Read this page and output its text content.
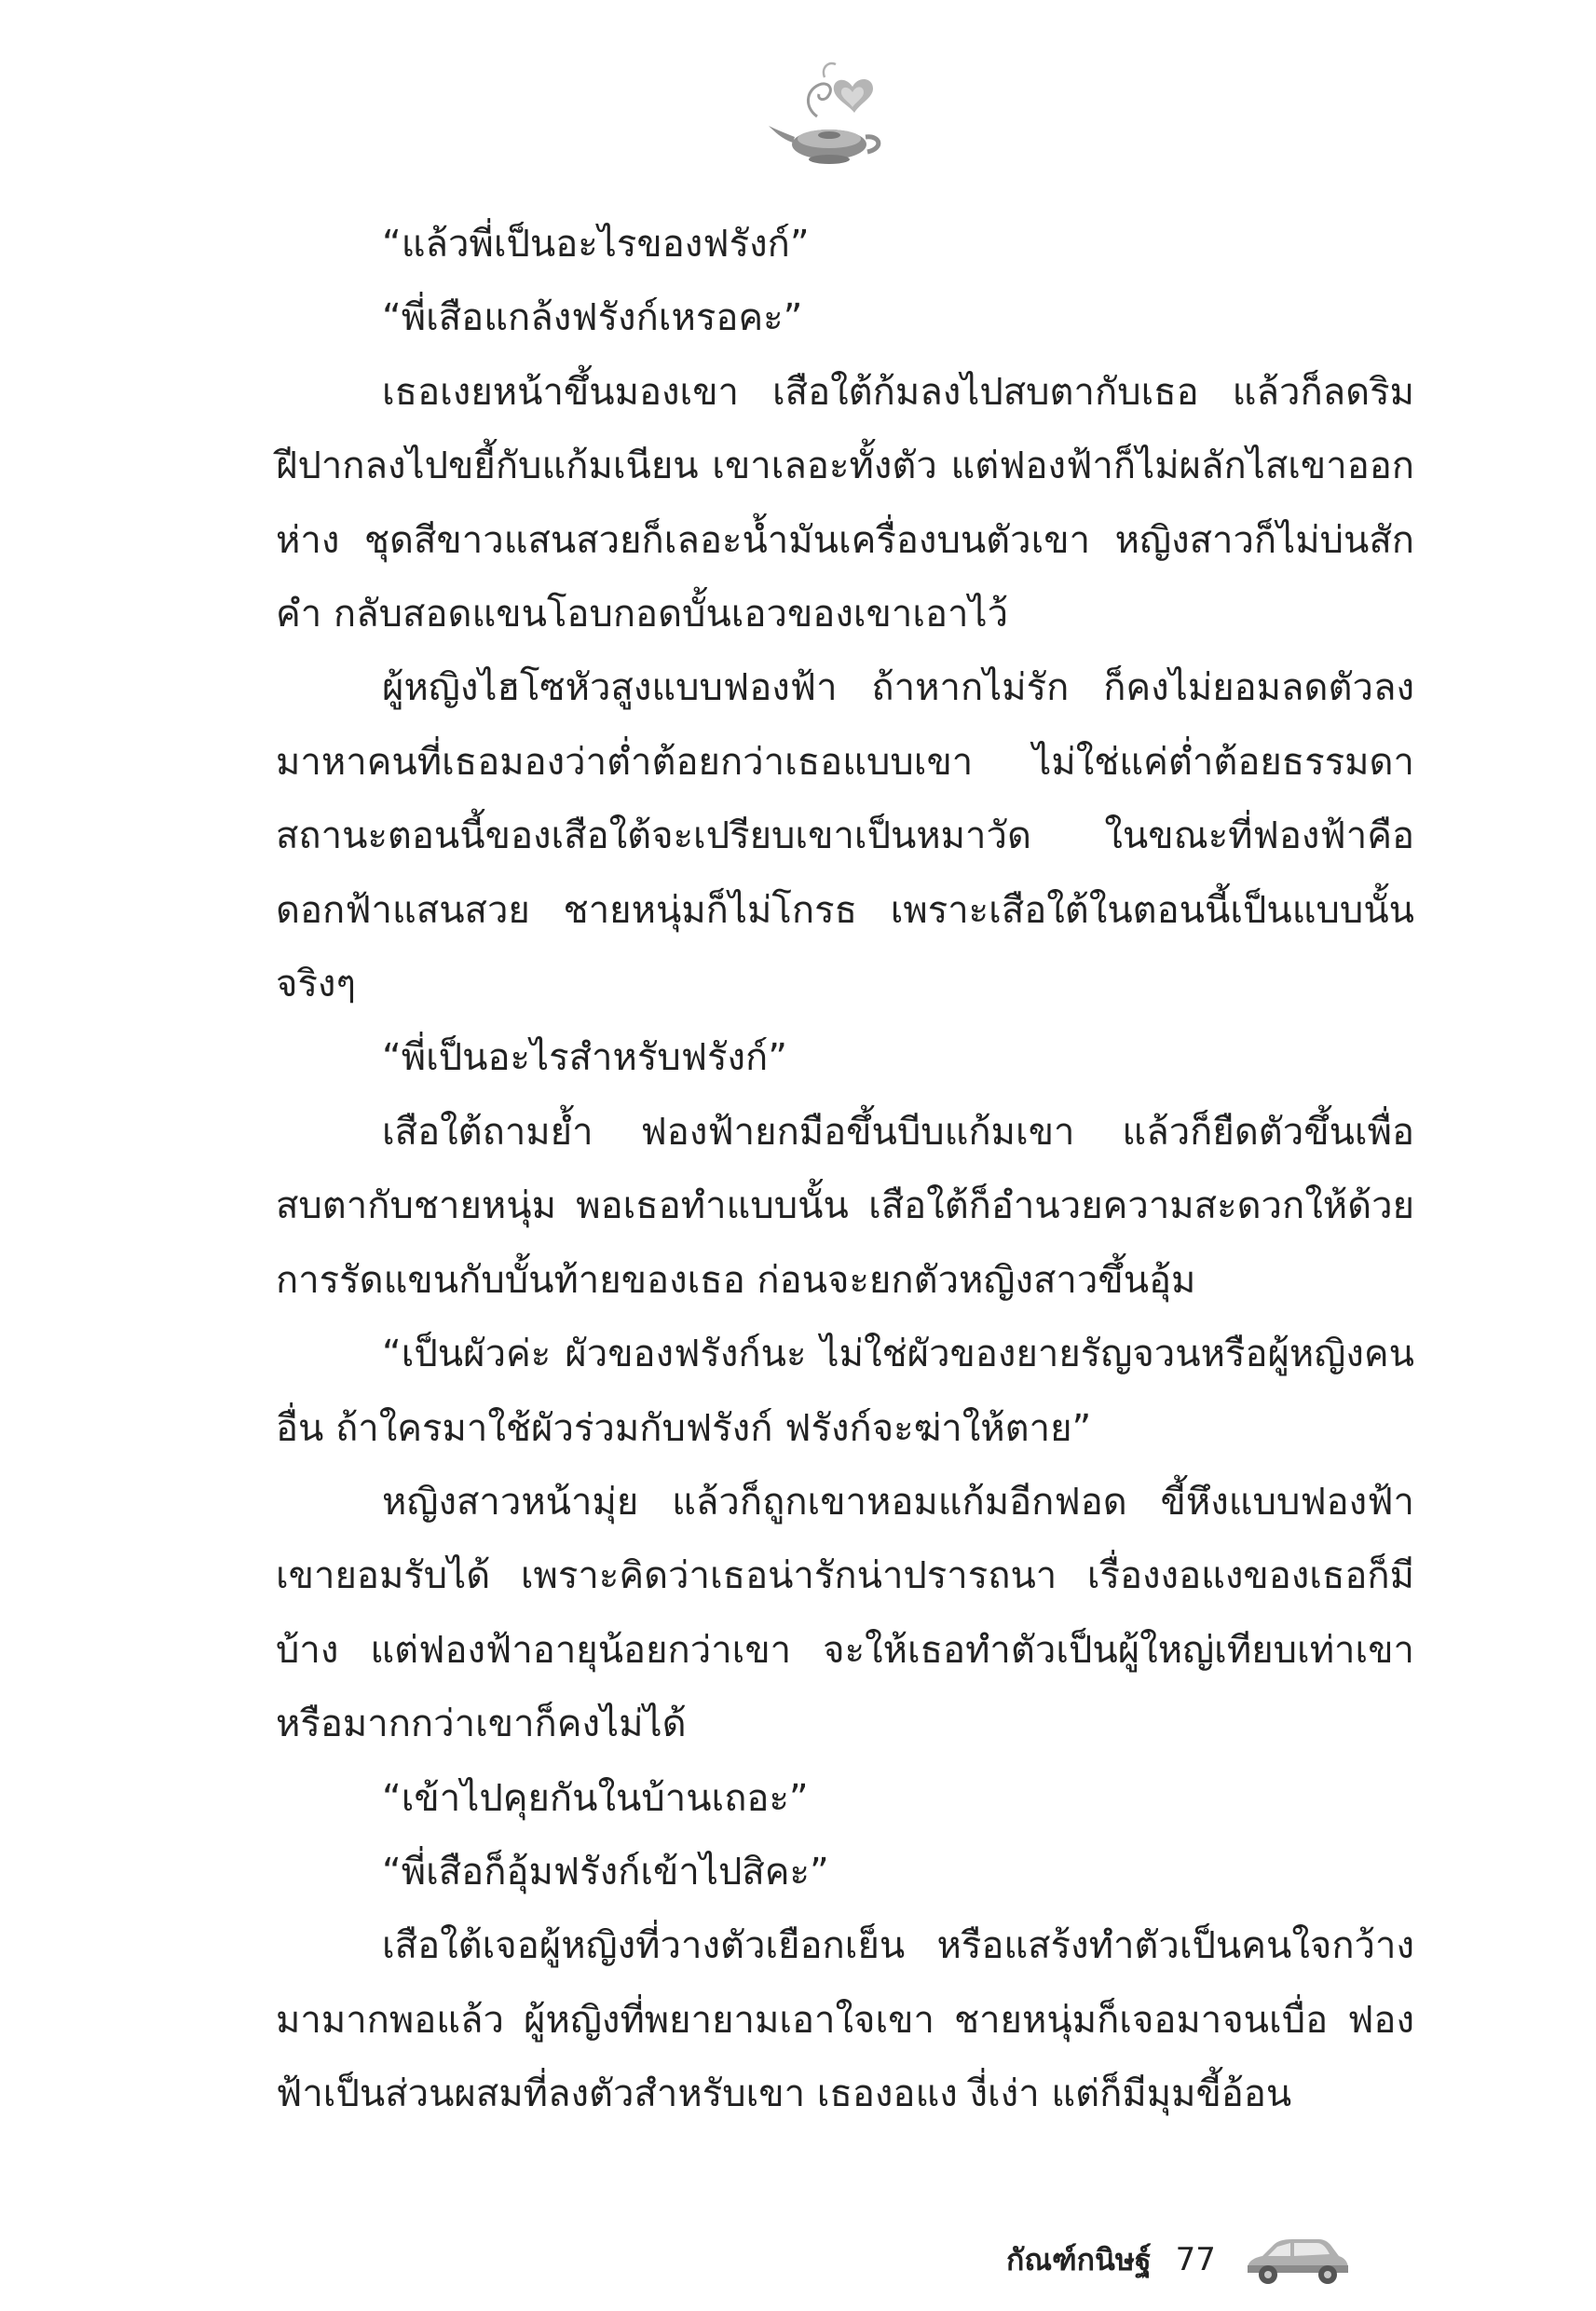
“แล้วพี่เป็นอะไรของฟรังก์”

“พี่เสือแกล้งฟรังก์เหรอคะ”

เธอเงยหน้าขึ้นมองเขา เสือใต้ก้มลงไปสบตากับเธอ แล้วก็ลดริมฝีปากลงไปขยี้กับแก้มเนียน เขาเลอะทั้งตัว แต่ฟองฟ้าก็ไม่ผลักไสเขาออกห่าง ชุดสีขาวแสนสวยก็เลอะน้ำมันเครื่องบนตัวเขา หญิงสาวก็ไม่บ่นสักคำ กลับสอดแขนโอบกอดบั้นเอวของเขาเอาไว้

ผู้หญิงไฮโซหัวสูงแบบฟองฟ้า ถ้าหากไม่รัก ก็คงไม่ยอมลดตัวลงมาหาคนที่เธอมองว่าต่ำต้อยกว่าเธอแบบเขา ไม่ใช่แค่ต่ำต้อยธรรมดา สถานะตอนนี้ของเสือใต้จะเปรียบเขาเป็นหมาวัด ในขณะที่ฟองฟ้าคือดอกฟ้าแสนสวย ชายหนุ่มก็ไม่โกรธ เพราะเสือใต้ในตอนนี้เป็นแบบนั้นจริงๆ

“พี่เป็นอะไรสำหรับฟรังก์”

เสือใต้ถามย้ำ ฟองฟ้ายกมือขึ้นบีบแก้มเขา แล้วก็ยืดตัวขึ้นเพื่อสบตากับชายหนุ่ม พอเธอทำแบบนั้น เสือใต้ก็อำนวยความสะดวกให้ด้วยการรัดแขนกับบั้นท้ายของเธอ ก่อนจะยกตัวหญิงสาวขึ้นอุ้ม

“เป็นผัวค่ะ ผัวของฟรังก์นะ ไม่ใช่ผัวของยายรัญจวนหรือผู้หญิงคนอื่น ถ้าใครมาใช้ผัวร่วมกับฟรังก์ ฟรังก์จะฆ่าให้ตาย”

หญิงสาวหน้ามุ่ย แล้วก็ถูกเขาหอมแก้มอีกฟอด ขี้หึงแบบฟองฟ้าเขายอมรับได้ เพราะคิดว่าเธอน่ารักน่าปรารถนา เรื่องงอแงของเธอก็มีบ้าง แต่ฟองฟ้าอายุน้อยกว่าเขา จะให้เธอทำตัวเป็นผู้ใหญ่เทียบเท่าเขาหรือมากกว่าเขาก็คงไม่ได้

“เข้าไปคุยกันในบ้านเถอะ”

“พี่เสือก็อุ้มฟรังก์เข้าไปสิคะ”

เสือใต้เจอผู้หญิงที่วางตัวเยือกเย็น หรือแสร้งทำตัวเป็นคนใจกว้างมามากพอแล้ว ผู้หญิงที่พยายามเอาใจเขา ชายหนุ่มก็เจอมาจนเบื่อ ฟองฟ้าเป็นส่วนผสมที่ลงตัวสำหรับเขา เธองอแง งี่เง่า แต่ก็มีมุมขี้อ้อน

กัณฑ์กนิษฐ์ 77
